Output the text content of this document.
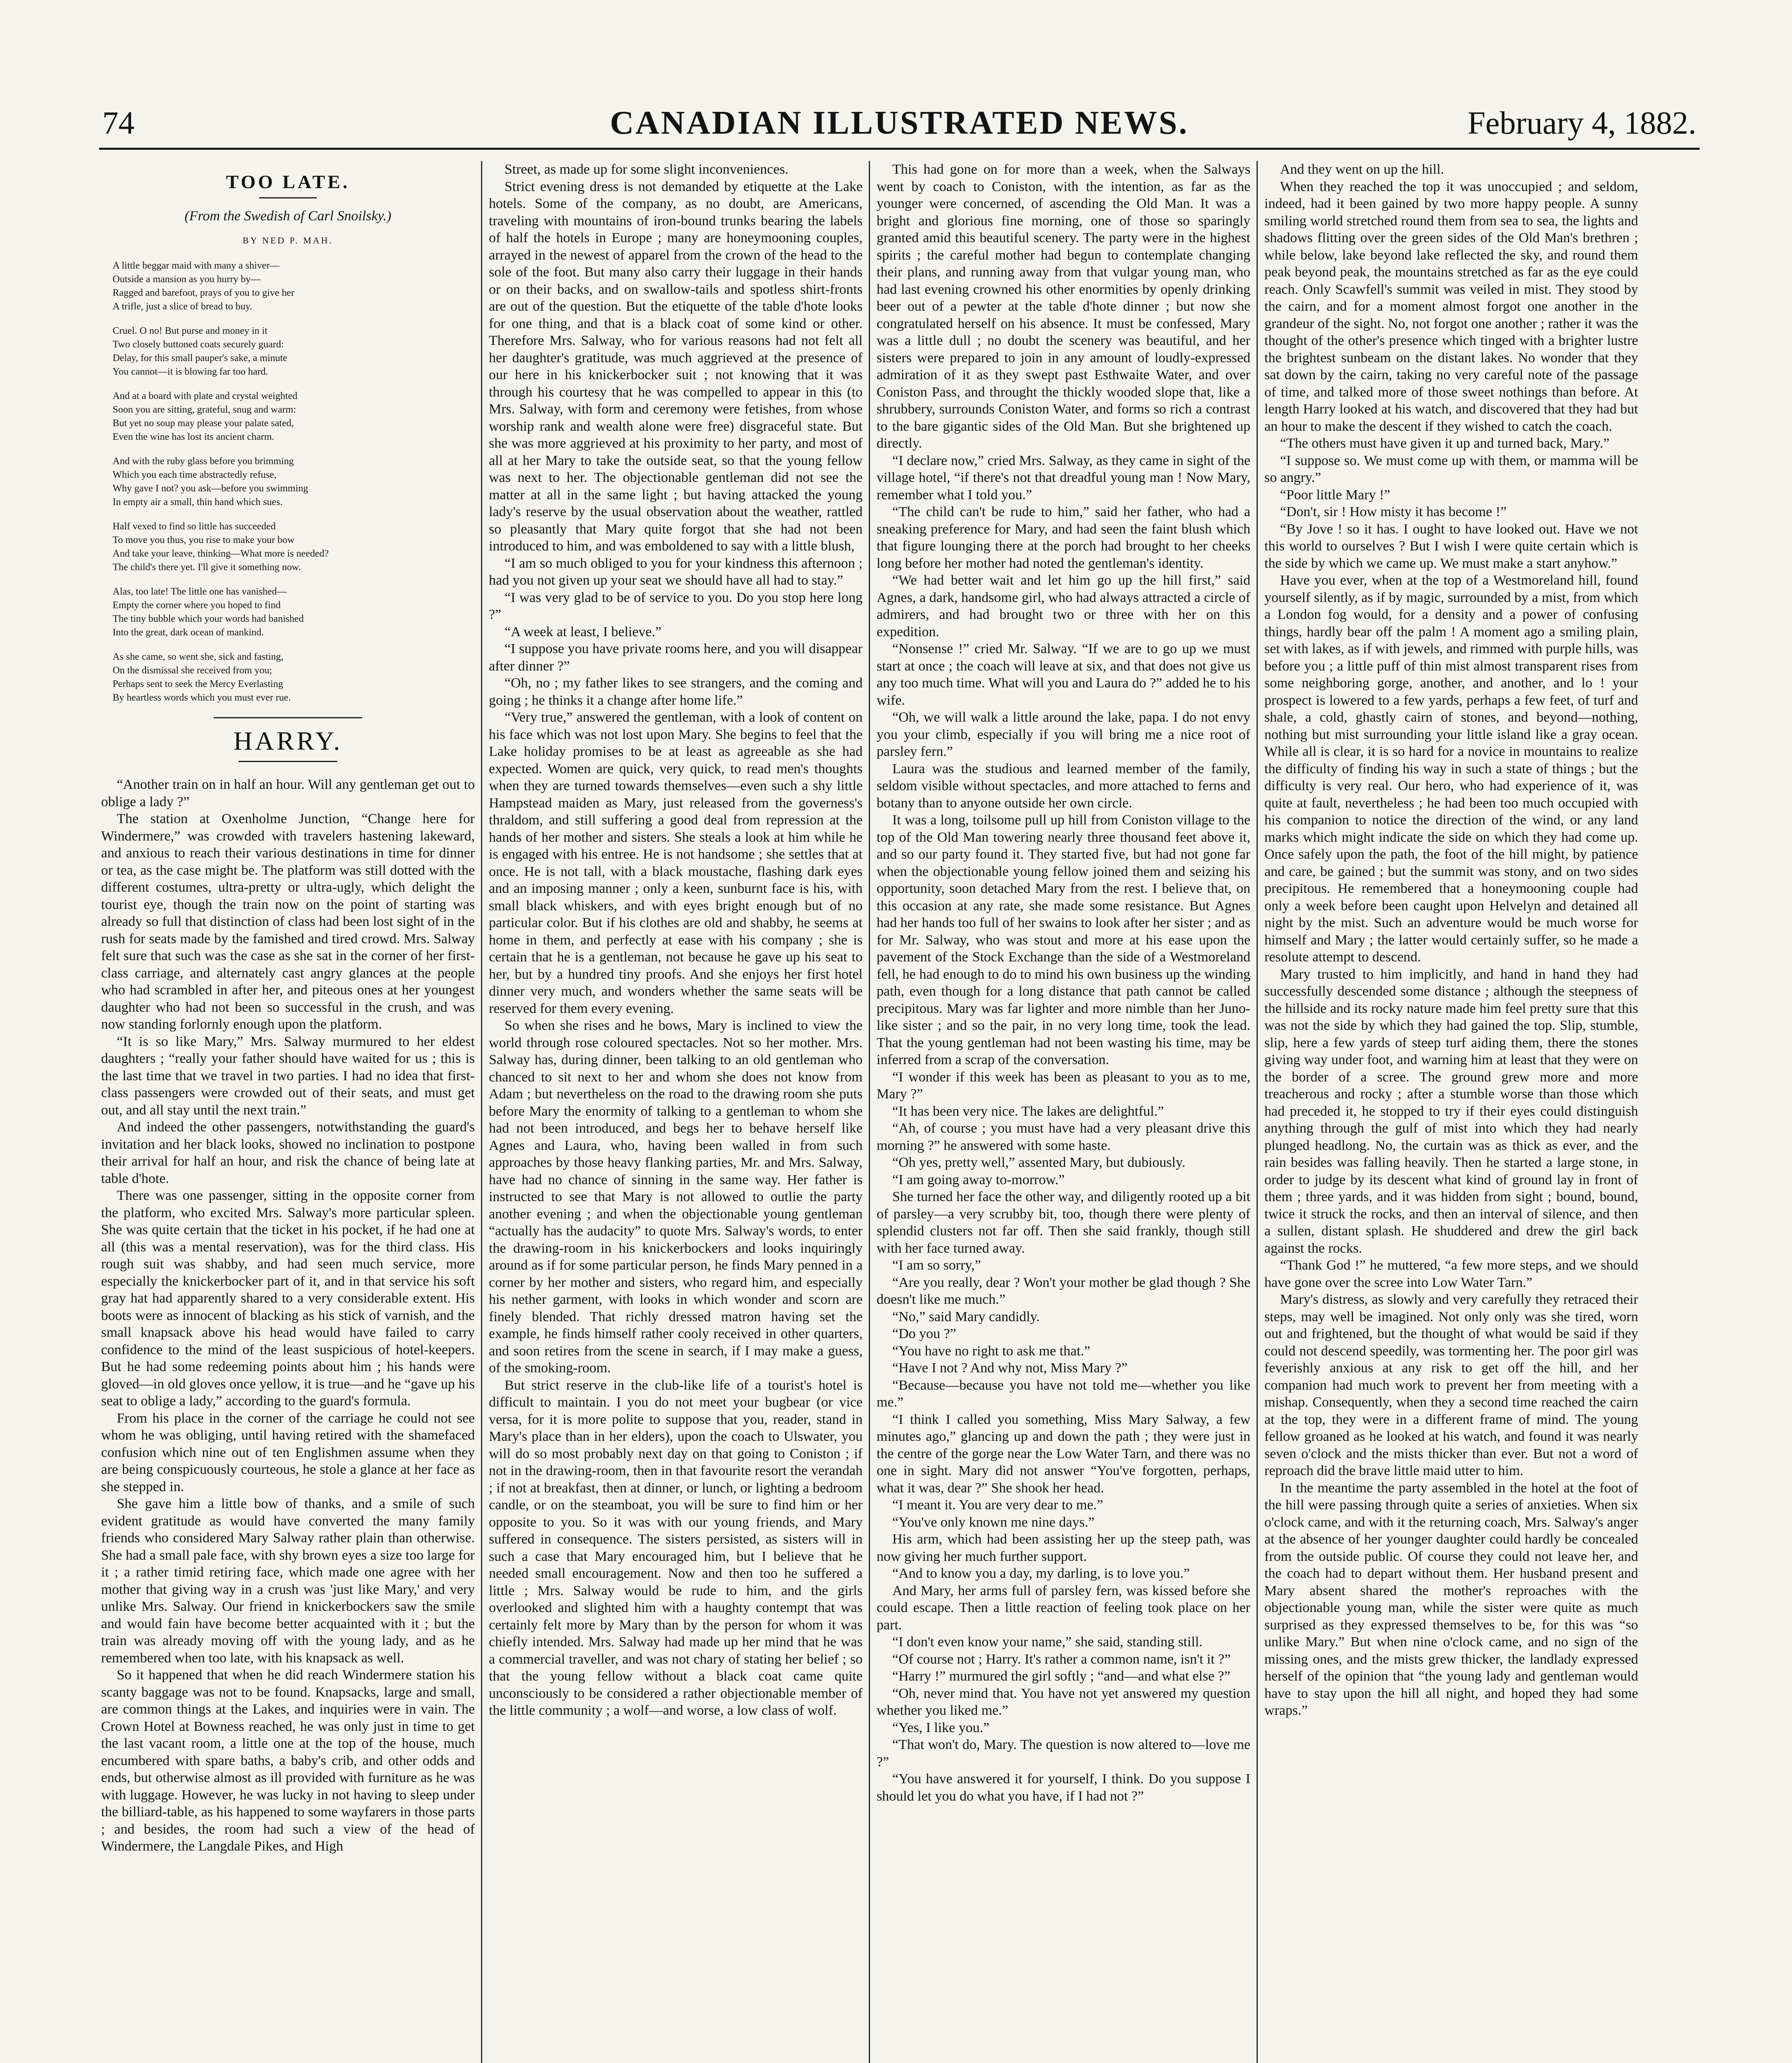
74	CANADIAN ILLUSTRATED NEWS.	February 4, 1882.
TOO LATE.
(From the Swedish of Carl Snoilsky.)
BY NED P. MAH.
A little beggar maid with many a shiver—
Outside a mansion as you hurry by—
Ragged and barefoot, prays of you to give her
A trifle, just a slice of bread to buy.
Cruel. O no! But purse and money in it
Two closely buttoned coats securely guard:
Delay, for this small pauper's sake, a minute
You cannot—it is blowing far too hard.
And at a board with plate and crystal weighted
Soon you are sitting, grateful, snug and warm:
But yet no soup may please your palate sated,
Even the wine has lost its ancient charm.
And with the ruby glass before you brimming
Which you each time abstractedly refuse,
Why gave I not? you ask—before you swimming
In empty air a small, thin hand which sues.
Half vexed to find so little has succeeded
To move you thus, you rise to make your bow
And take your leave, thinking—What more is needed?
The child's there yet. I'll give it something now.
Alas, too late! The little one has vanished—
Empty the corner where you hoped to find
The tiny bubble which your words had banished
Into the great, dark ocean of mankind.
As she came, so went she, sick and fasting,
On the dismissal she received from you;
Perhaps sent to seek the Mercy Everlasting
By heartless words which you must ever rue.
HARRY.

“Another train on in half an hour. Will any gentleman get out to oblige a lady ?”

The station at Oxenholme Junction, “Change here for Windermere,” was crowded with travelers hastening lakeward, and anxious to reach their various destinations in time for dinner or tea, as the case might be. The platform was still dotted with the different costumes, ultra-pretty or ultra-ugly, which delight the tourist eye, though the train now on the point of starting was already so full that distinction of class had been lost sight of in the rush for seats made by the famished and tired crowd. Mrs. Salway felt sure that such was the case as she sat in the corner of her first-class carriage, and alternately cast angry glances at the people who had scrambled in after her, and piteous ones at her youngest daughter who had not been so successful in the crush, and was now standing forlornly enough upon the platform.

“It is so like Mary,” Mrs. Salway murmured to her eldest daughters ; “really your father should have waited for us ; this is the last time that we travel in two parties. I had no idea that first-class passengers were crowded out of their seats, and must get out, and all stay until the next train.”

And indeed the other passengers, notwithstanding the guard's invitation and her black looks, showed no inclination to postpone their arrival for half an hour, and risk the chance of being late at table d'hote.

There was one passenger, sitting in the opposite corner from the platform, who excited Mrs. Salway's more particular spleen. She was quite certain that the ticket in his pocket, if he had one at all (this was a mental reservation), was for the third class. His rough suit was shabby, and had seen much service, more especially the knickerbocker part of it, and in that service his soft gray hat had apparently shared to a very considerable extent. His boots were as innocent of blacking as his stick of varnish, and the small knapsack above his head would have failed to carry confidence to the mind of the least suspicious of hotel-keepers. But he had some redeeming points about him ; his hands were gloved—in old gloves once yellow, it is true—and he “gave up his seat to oblige a lady,” according to the guard's formula.

From his place in the corner of the carriage he could not see whom he was obliging, until having retired with the shamefaced confusion which nine out of ten Englishmen assume when they are being conspicuously courteous, he stole a glance at her face as she stepped in.

She gave him a little bow of thanks, and a smile of such evident gratitude as would have converted the many family friends who considered Mary Salway rather plain than otherwise. She had a small pale face, with shy brown eyes a size too large for it ; a rather timid retiring face, which made one agree with her mother that giving way in a crush was 'just like Mary,' and very unlike Mrs. Salway. Our friend in knickerbockers saw the smile and would fain have become better acquainted with it ; but the train was already moving off with the young lady, and as he remembered when too late, with his knapsack as well.

So it happened that when he did reach Windermere station his scanty baggage was not to be found. Knapsacks, large and small, are common things at the Lakes, and inquiries were in vain. The Crown Hotel at Bowness reached, he was only just in time to get the last vacant room, a little one at the top of the house, much encumbered with spare baths, a baby's crib, and other odds and ends, but otherwise almost as ill provided with furniture as he was with luggage. However, he was lucky in not having to sleep under the billiard-table, as his happened to some wayfarers in those parts ; and besides, the room had such a view of the head of Windermere, the Langdale Pikes, and High

Street, as made up for some slight inconveniences.

Strict evening dress is not demanded by etiquette at the Lake hotels. Some of the company, as no doubt, are Americans, traveling with mountains of iron-bound trunks bearing the labels of half the hotels in Europe ; many are honeymooning couples, arrayed in the newest of apparel from the crown of the head to the sole of the foot. But many also carry their luggage in their hands or on their backs, and on swallow-tails and spotless shirt-fronts are out of the question. But the etiquette of the table d'hote looks for one thing, and that is a black coat of some kind or other. Therefore Mrs. Salway, who for various reasons had not felt all her daughter's gratitude, was much aggrieved at the presence of our here in his knickerbocker suit ; not knowing that it was through his courtesy that he was compelled to appear in this (to Mrs. Salway, with form and ceremony were fetishes, from whose worship rank and wealth alone were free) disgraceful state. But she was more aggrieved at his proximity to her party, and most of all at her Mary to take the outside seat, so that the young fellow was next to her. The objectionable gentleman did not see the matter at all in the same light ; but having attacked the young lady's reserve by the usual observation about the weather, rattled so pleasantly that Mary quite forgot that she had not been introduced to him, and was emboldened to say with a little blush,

“I am so much obliged to you for your kindness this afternoon ; had you not given up your seat we should have all had to stay.”

“I was very glad to be of service to you. Do you stop here long ?”

“A week at least, I believe.”

“I suppose you have private rooms here, and you will disappear after dinner ?”

“Oh, no ; my father likes to see strangers, and the coming and going ; he thinks it a change after home life.”

“Very true,” answered the gentleman, with a look of content on his face which was not lost upon Mary. She begins to feel that the Lake holiday promises to be at least as agreeable as she had expected. Women are quick, very quick, to read men's thoughts when they are turned towards themselves—even such a shy little Hampstead maiden as Mary, just released from the governess's thraldom, and still suffering a good deal from repression at the hands of her mother and sisters. She steals a look at him while he is engaged with his entree. He is not handsome ; she settles that at once. He is not tall, with a black moustache, flashing dark eyes and an imposing manner ; only a keen, sunburnt face is his, with small black whiskers, and with eyes bright enough but of no particular color. But if his clothes are old and shabby, he seems at home in them, and perfectly at ease with his company ; she is certain that he is a gentleman, not because he gave up his seat to her, but by a hundred tiny proofs. And she enjoys her first hotel dinner very much, and wonders whether the same seats will be reserved for them every evening.

So when she rises and he bows, Mary is inclined to view the world through rose coloured spectacles. Not so her mother. Mrs. Salway has, during dinner, been talking to an old gentleman who chanced to sit next to her and whom she does not know from Adam ; but nevertheless on the road to the drawing room she puts before Mary the enormity of talking to a gentleman to whom she had not been introduced, and begs her to behave herself like Agnes and Laura, who, having been walled in from such approaches by those heavy flanking parties, Mr. and Mrs. Salway, have had no chance of sinning in the same way. Her father is instructed to see that Mary is not allowed to outlie the party another evening ; and when the objectionable young gentleman “actually has the audacity” to quote Mrs. Salway's words, to enter the drawing-room in his knickerbockers and looks inquiringly around as if for some particular person, he finds Mary penned in a corner by her mother and sisters, who regard him, and especially his nether garment, with looks in which wonder and scorn are finely blended. That richly dressed matron having set the example, he finds himself rather cooly received in other quarters, and soon retires from the scene in search, if I may make a guess, of the smoking-room.

But strict reserve in the club-like life of a tourist's hotel is difficult to maintain. I you do not meet your bugbear (or vice versa, for it is more polite to suppose that you, reader, stand in Mary's place than in her elders), upon the coach to Ulswater, you will do so most probably next day on that going to Coniston ; if not in the drawing-room, then in that favourite resort the verandah ; if not at breakfast, then at dinner, or lunch, or lighting a bedroom candle, or on the steamboat, you will be sure to find him or her opposite to you. So it was with our young friends, and Mary suffered in consequence. The sisters persisted, as sisters will in such a case that Mary encouraged him, but I believe that he needed small encouragement. Now and then too he suffered a little ; Mrs. Salway would be rude to him, and the girls overlooked and slighted him with a haughty contempt that was certainly felt more by Mary than by the person for whom it was chiefly intended. Mrs. Salway had made up her mind that he was a commercial traveller, and was not chary of stating her belief ; so that the young fellow without a black coat came quite unconsciously to be considered a rather objectionable member of the little community ; a wolf—and worse, a low class of wolf.

This had gone on for more than a week, when the Salways went by coach to Coniston, with the intention, as far as the younger were concerned, of ascending the Old Man. It was a bright and glorious fine morning, one of those so sparingly granted amid this beautiful scenery. The party were in the highest spirits ; the careful mother had begun to contemplate changing their plans, and running away from that vulgar young man, who had last evening crowned his other enormities by openly drinking beer out of a pewter at the table d'hote dinner ; but now she congratulated herself on his absence. It must be confessed, Mary was a little dull ; no doubt the scenery was beautiful, and her sisters were prepared to join in any amount of loudly-expressed admiration of it as they swept past Esthwaite Water, and over Coniston Pass, and throught the thickly wooded slope that, like a shrubbery, surrounds Coniston Water, and forms so rich a contrast to the bare gigantic sides of the Old Man. But she brightened up directly.

“I declare now,” cried Mrs. Salway, as they came in sight of the village hotel, “if there's not that dreadful young man ! Now Mary, remember what I told you.”

“The child can't be rude to him,” said her father, who had a sneaking preference for Mary, and had seen the faint blush which that figure lounging there at the porch had brought to her cheeks long before her mother had noted the gentleman's identity.

“We had better wait and let him go up the hill first,” said Agnes, a dark, handsome girl, who had always attracted a circle of admirers, and had brought two or three with her on this expedition.

“Nonsense !” cried Mr. Salway. “If we are to go up we must start at once ; the coach will leave at six, and that does not give us any too much time. What will you and Laura do ?” added he to his wife.

“Oh, we will walk a little around the lake, papa. I do not envy you your climb, especially if you will bring me a nice root of parsley fern.”

Laura was the studious and learned member of the family, seldom visible without spectacles, and more attached to ferns and botany than to anyone outside her own circle.

It was a long, toilsome pull up hill from Coniston village to the top of the Old Man towering nearly three thousand feet above it, and so our party found it. They started five, but had not gone far when the objectionable young fellow joined them and seizing his opportunity, soon detached Mary from the rest. I believe that, on this occasion at any rate, she made some resistance. But Agnes had her hands too full of her swains to look after her sister ; and as for Mr. Salway, who was stout and more at his ease upon the pavement of the Stock Exchange than the side of a Westmoreland fell, he had enough to do to mind his own business up the winding path, even though for a long distance that path cannot be called precipitous. Mary was far lighter and more nimble than her Juno-like sister ; and so the pair, in no very long time, took the lead. That the young gentleman had not been wasting his time, may be inferred from a scrap of the conversation.

“I wonder if this week has been as pleasant to you as to me, Mary ?”

“It has been very nice. The lakes are delightful.”

“Ah, of course ; you must have had a very pleasant drive this morning ?” he answered with some haste.

“Oh yes, pretty well,” assented Mary, but dubiously.

“I am going away to-morrow.”

She turned her face the other way, and diligently rooted up a bit of parsley—a very scrubby bit, too, though there were plenty of splendid clusters not far off. Then she said frankly, though still with her face turned away.

“I am so sorry,”

“Are you really, dear ? Won't your mother be glad though ? She doesn't like me much.”

“No,” said Mary candidly.

“Do you ?”

“You have no right to ask me that.”

“Have I not ? And why not, Miss Mary ?”

“Because—because you have not told me—whether you like me.”

“I think I called you something, Miss Mary Salway, a few minutes ago,” glancing up and down the path ; they were just in the centre of the gorge near the Low Water Tarn, and there was no one in sight. Mary did not answer “You've forgotten, perhaps, what it was, dear ?” She shook her head.

“I meant it. You are very dear to me.”

“You've only known me nine days.”

His arm, which had been assisting her up the steep path, was now giving her much further support.

“And to know you a day, my darling, is to love you.”

And Mary, her arms full of parsley fern, was kissed before she could escape. Then a little reaction of feeling took place on her part.

“I don't even know your name,” she said, standing still.

“Of course not ; Harry. It's rather a common name, isn't it ?”

“Harry !” murmured the girl softly ; “and—and what else ?”

“Oh, never mind that. You have not yet answered my question whether you liked me.”

“Yes, I like you.”

“That won't do, Mary. The question is now altered to—love me ?”

“You have answered it for yourself, I think. Do you suppose I should let you do what you have, if I had not ?”

And they went on up the hill.

When they reached the top it was unoccupied ; and seldom, indeed, had it been gained by two more happy people. A sunny smiling world stretched round them from sea to sea, the lights and shadows flitting over the green sides of the Old Man's brethren ; while below, lake beyond lake reflected the sky, and round them peak beyond peak, the mountains stretched as far as the eye could reach. Only Scawfell's summit was veiled in mist. They stood by the cairn, and for a moment almost forgot one another in the grandeur of the sight. No, not forgot one another ; rather it was the thought of the other's presence which tinged with a brighter lustre the brightest sunbeam on the distant lakes. No wonder that they sat down by the cairn, taking no very careful note of the passage of time, and talked more of those sweet nothings than before. At length Harry looked at his watch, and discovered that they had but an hour to make the descent if they wished to catch the coach.

“The others must have given it up and turned back, Mary.”

“I suppose so. We must come up with them, or mamma will be so angry.”

“Poor little Mary !”

“Don't, sir ! How misty it has become !”

“By Jove ! so it has. I ought to have looked out. Have we not this world to ourselves ? But I wish I were quite certain which is the side by which we came up. We must make a start anyhow.”

Have you ever, when at the top of a Westmoreland hill, found yourself silently, as if by magic, surrounded by a mist, from which a London fog would, for a density and a power of confusing things, hardly bear off the palm ! A moment ago a smiling plain, set with lakes, as if with jewels, and rimmed with purple hills, was before you ; a little puff of thin mist almost transparent rises from some neighboring gorge, another, and another, and lo ! your prospect is lowered to a few yards, perhaps a few feet, of turf and shale, a cold, ghastly cairn of stones, and beyond—nothing, nothing but mist surrounding your little island like a gray ocean. While all is clear, it is so hard for a novice in mountains to realize the difficulty of finding his way in such a state of things ; but the difficulty is very real. Our hero, who had experience of it, was quite at fault, nevertheless ; he had been too much occupied with his companion to notice the direction of the wind, or any land marks which might indicate the side on which they had come up. Once safely upon the path, the foot of the hill might, by patience and care, be gained ; but the summit was stony, and on two sides precipitous. He remembered that a honeymooning couple had only a week before been caught upon Helvelyn and detained all night by the mist. Such an adventure would be much worse for himself and Mary ; the latter would certainly suffer, so he made a resolute attempt to descend.

Mary trusted to him implicitly, and hand in hand they had successfully descended some distance ; although the steepness of the hillside and its rocky nature made him feel pretty sure that this was not the side by which they had gained the top. Slip, stumble, slip, here a few yards of steep turf aiding them, there the stones giving way under foot, and warning him at least that they were on the border of a scree. The ground grew more and more treacherous and rocky ; after a stumble worse than those which had preceded it, he stopped to try if their eyes could distinguish anything through the gulf of mist into which they had nearly plunged headlong. No, the curtain was as thick as ever, and the rain besides was falling heavily. Then he started a large stone, in order to judge by its descent what kind of ground lay in front of them ; three yards, and it was hidden from sight ; bound, bound, twice it struck the rocks, and then an interval of silence, and then a sullen, distant splash. He shuddered and drew the girl back against the rocks.

“Thank God !” he muttered, “a few more steps, and we should have gone over the scree into Low Water Tarn.”

Mary's distress, as slowly and very carefully they retraced their steps, may well be imagined. Not only only was she tired, worn out and frightened, but the thought of what would be said if they could not descend speedily, was tormenting her. The poor girl was feverishly anxious at any risk to get off the hill, and her companion had much work to prevent her from meeting with a mishap. Consequently, when they a second time reached the cairn at the top, they were in a different frame of mind. The young fellow groaned as he looked at his watch, and found it was nearly seven o'clock and the mists thicker than ever. But not a word of reproach did the brave little maid utter to him.

In the meantime the party assembled in the hotel at the foot of the hill were passing through quite a series of anxieties. When six o'clock came, and with it the returning coach, Mrs. Salway's anger at the absence of her younger daughter could hardly be concealed from the outside public. Of course they could not leave her, and the coach had to depart without them. Her husband present and Mary absent shared the mother's reproaches with the objectionable young man, while the sister were quite as much surprised as they expressed themselves to be, for this was “so unlike Mary.” But when nine o'clock came, and no sign of the missing ones, and the mists grew thicker, the landlady expressed herself of the opinion that “the young lady and gentleman would have to stay upon the hill all night, and hoped they had some wraps.”
